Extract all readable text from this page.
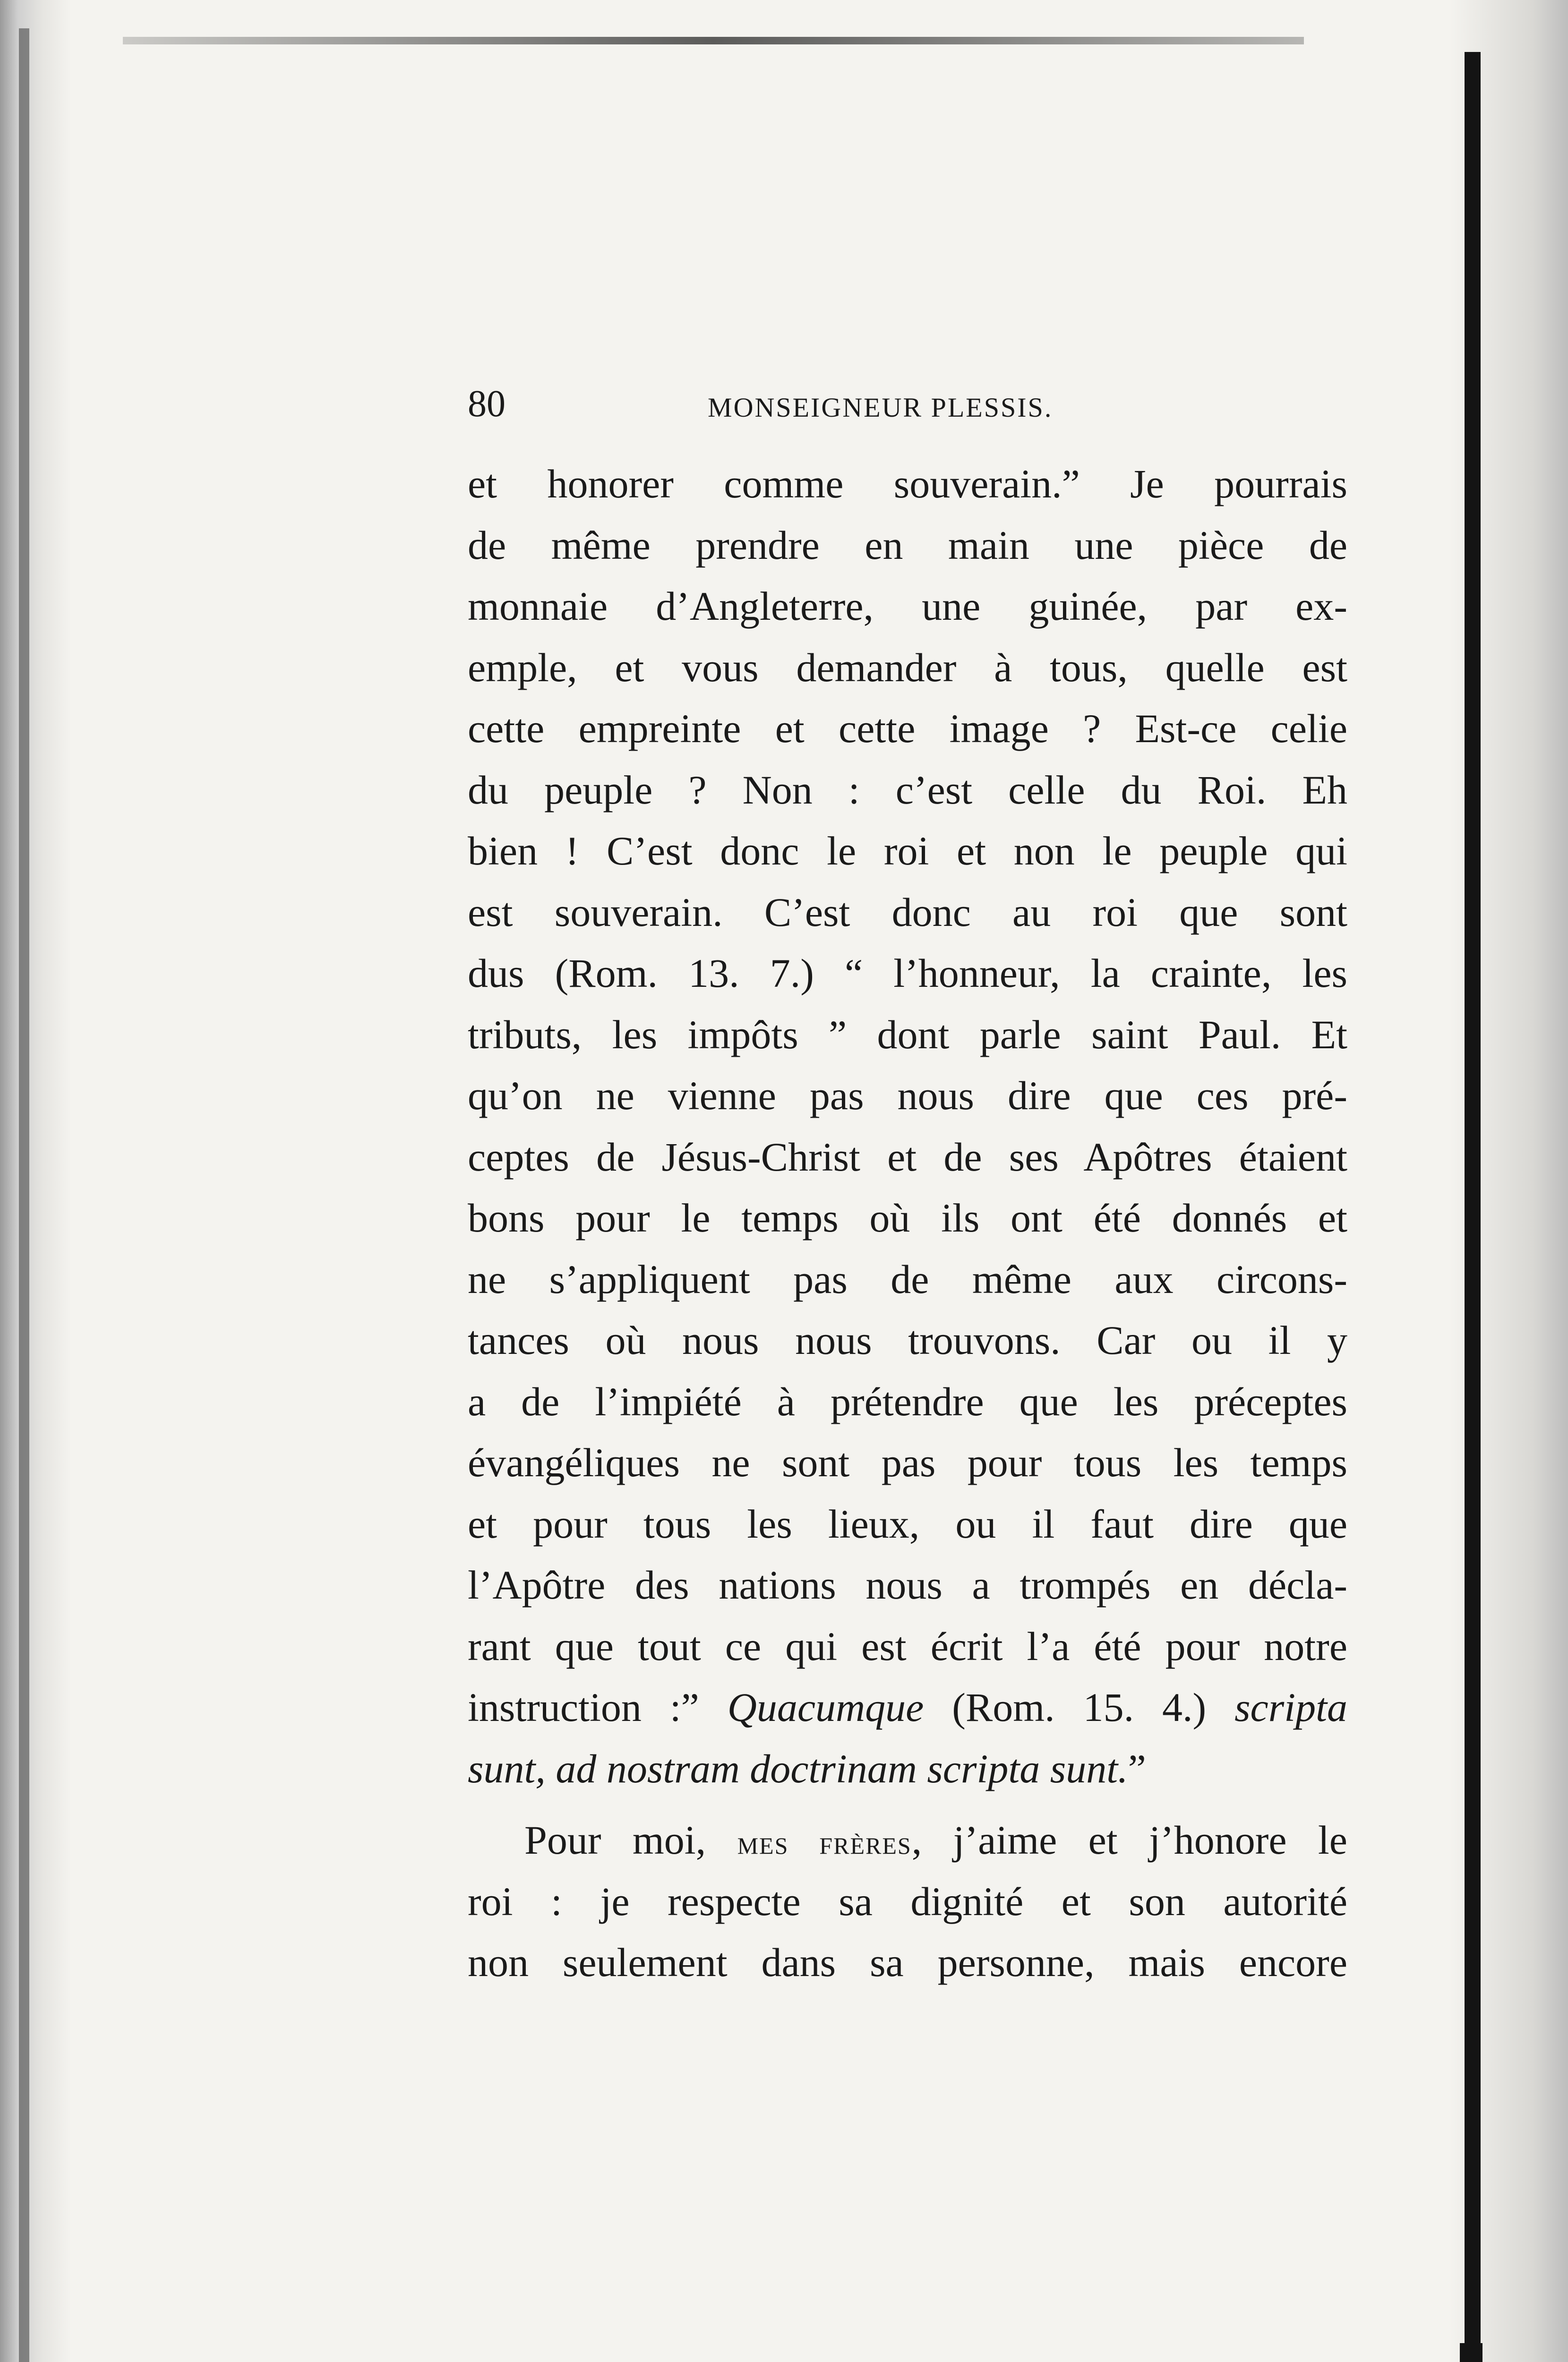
80	MONSEIGNEUR PLESSIS.
et honorer comme souverain.” Je pourrais
de même prendre en main une pièce de
monnaie d’Angleterre, une guinée, par ex-
emple, et vous demander à tous, quelle est
cette empreinte et cette image ? Est-ce celie
du peuple ? Non : c’est celle du Roi. Eh
bien ! C’est donc le roi et non le peuple qui
est souverain. C’est donc au roi que sont
dus (Rom. 13. 7.) “ l’honneur, la crainte, les
tributs, les impôts ” dont parle saint Paul. Et
qu’on ne vienne pas nous dire que ces pré-
ceptes de Jésus-Christ et de ses Apôtres étaient
bons pour le temps où ils ont été donnés et
ne s’appliquent pas de même aux circons-
tances où nous nous trouvons. Car ou il y
a de l’impiété à prétendre que les préceptes
évangéliques ne sont pas pour tous les temps
et pour tous les lieux, ou il faut dire que
l’Apôtre des nations nous a trompés en décla-
rant que tout ce qui est écrit l’a été pour notre
instruction :” Quacumque (Rom. 15. 4.) scripta
sunt, ad nostram doctrinam scripta sunt.”
Pour moi, mes frères, j’aime et j’honore le
roi : je respecte sa dignité et son autorité
non seulement dans sa personne, mais encore
